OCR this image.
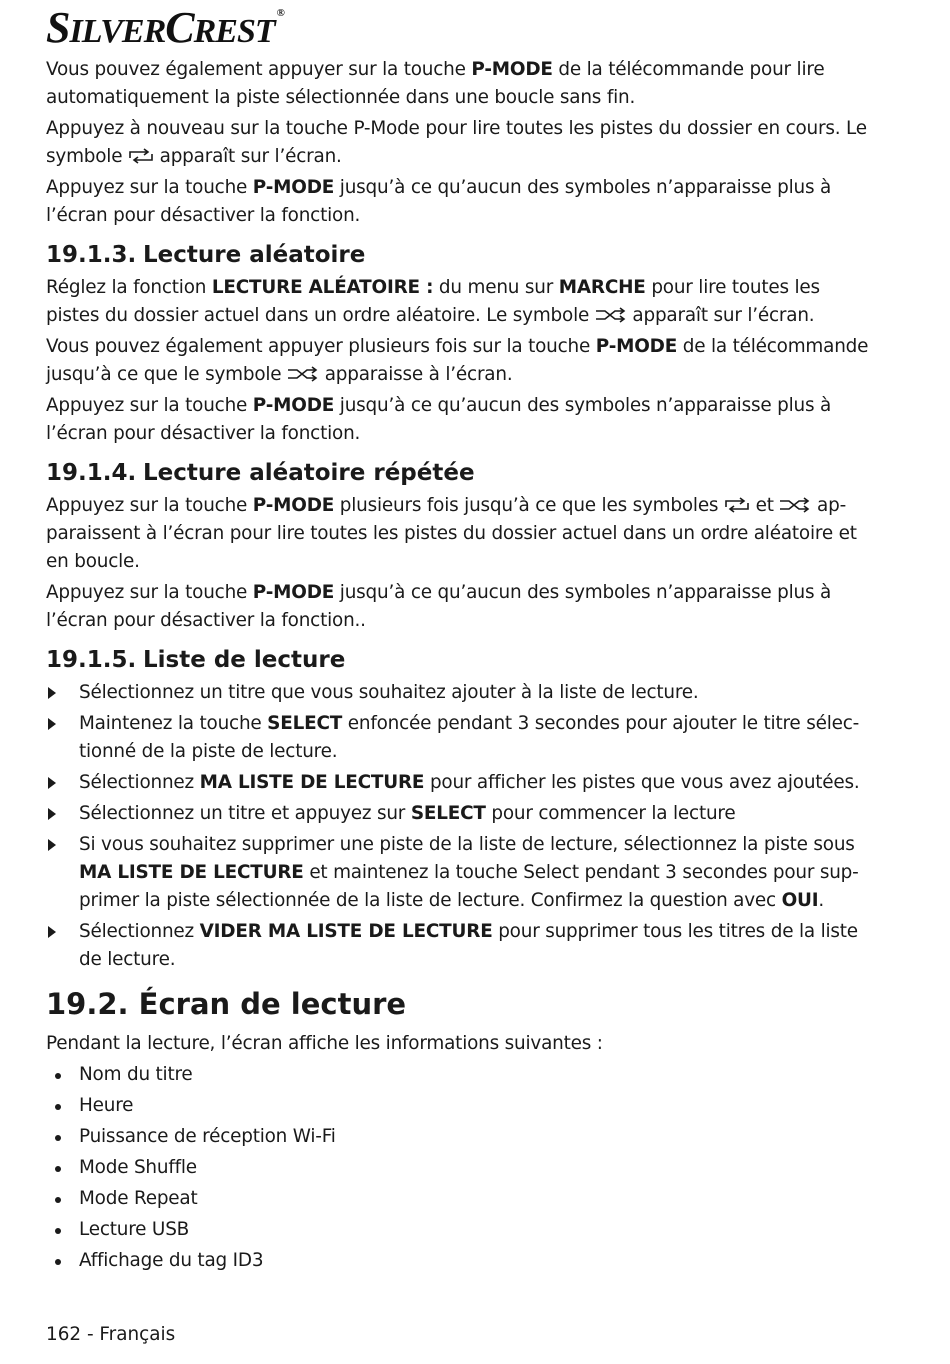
SILVERCREST ®

Vous pouvez également appuyer sur la touche P-MODE de la télécommande pour lire automatiquement la piste sélectionnée dans une boucle sans fin.

Appuyez à nouveau sur la touche P-Mode pour lire toutes les pistes du dossier en cours. Le symbole  apparaît sur l’écran.

Appuyez sur la touche P-MODE jusqu’à ce qu’aucun des symboles n’apparaisse plus à l’écran pour désactiver la fonction.

19.1.3. Lecture aléatoire

Réglez la fonction LECTURE ALÉATOIRE : du menu sur MARCHE pour lire toutes les pistes du dossier actuel dans un ordre aléatoire. Le symbole  apparaît sur l’écran.

Vous pouvez également appuyer plusieurs fois sur la touche P-MODE de la télécommande jusqu’à ce que le symbole  apparaisse à l’écran.

Appuyez sur la touche P-MODE jusqu’à ce qu’aucun des symboles n’apparaisse plus à l’écran pour désactiver la fonction.

19.1.4. Lecture aléatoire répétée

Appuyez sur la touche P-MODE plusieurs fois jusqu’à ce que les symboles  et  apparaissent à l’écran pour lire toutes les pistes du dossier actuel dans un ordre aléatoire et en boucle.

Appuyez sur la touche P-MODE jusqu’à ce qu’aucun des symboles n’apparaisse plus à l’écran pour désactiver la fonction..

19.1.5. Liste de lecture
Sélectionnez un titre que vous souhaitez ajouter à la liste de lecture.
Maintenez la touche SELECT enfoncée pendant 3 secondes pour ajouter le titre sélectionné de la piste de lecture.
Sélectionnez MA LISTE DE LECTURE pour afficher les pistes que vous avez ajoutées.
Sélectionnez un titre et appuyez sur SELECT pour commencer la lecture
Si vous souhaitez supprimer une piste de la liste de lecture, sélectionnez la piste sous MA LISTE DE LECTURE et maintenez la touche Select pendant 3 secondes pour supprimer la piste sélectionnée de la liste de lecture. Confirmez la question avec OUI.
Sélectionnez VIDER MA LISTE DE LECTURE pour supprimer tous les titres de la liste de lecture.
19.2. Écran de lecture

Pendant la lecture, l’écran affiche les informations suivantes :

Nom du titre
Heure
Puissance de réception Wi-Fi
Mode Shuffle
Mode Repeat
Lecture USB
Affichage du tag ID3
162 - Français
